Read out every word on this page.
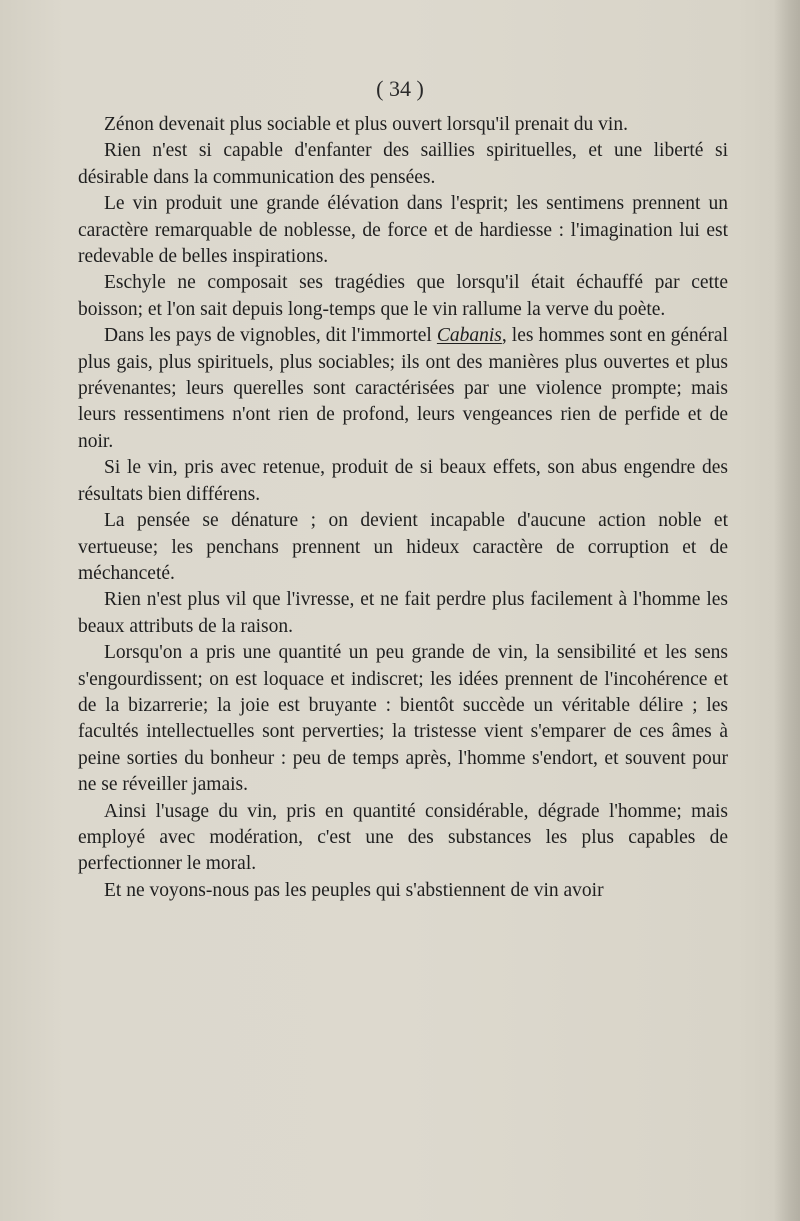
( 34 )

Zénon devenait plus sociable et plus ouvert lorsqu'il prenait du vin.

Rien n'est si capable d'enfanter des saillies spirituelles, et une liberté si désirable dans la communication des pensées.

Le vin produit une grande élévation dans l'esprit; les sentimens prennent un caractère remarquable de noblesse, de force et de hardiesse : l'imagination lui est redevable de belles inspirations.

Eschyle ne composait ses tragédies que lorsqu'il était échauffé par cette boisson; et l'on sait depuis long-temps que le vin rallume la verve du poète.

Dans les pays de vignobles, dit l'immortel Cabanis, les hommes sont en général plus gais, plus spirituels, plus sociables; ils ont des manières plus ouvertes et plus prévenantes; leurs querelles sont caractérisées par une violence prompte; mais leurs ressentimens n'ont rien de profond, leurs vengeances rien de perfide et de noir.

Si le vin, pris avec retenue, produit de si beaux effets, son abus engendre des résultats bien différens.

La pensée se dénature ; on devient incapable d'aucune action noble et vertueuse; les penchans prennent un hideux caractère de corruption et de méchanceté.

Rien n'est plus vil que l'ivresse, et ne fait perdre plus facilement à l'homme les beaux attributs de la raison.

Lorsqu'on a pris une quantité un peu grande de vin, la sensibilité et les sens s'engourdissent; on est loquace et indiscret; les idées prennent de l'incohérence et de la bizarrerie; la joie est bruyante : bientôt succède un véritable délire ; les facultés intellectuelles sont perverties; la tristesse vient s'emparer de ces âmes à peine sorties du bonheur : peu de temps après, l'homme s'endort, et souvent pour ne se réveiller jamais.

Ainsi l'usage du vin, pris en quantité considérable, dégrade l'homme; mais employé avec modération, c'est une des substances les plus capables de perfectionner le moral.

Et ne voyons-nous pas les peuples qui s'abstiennent de vin avoir
